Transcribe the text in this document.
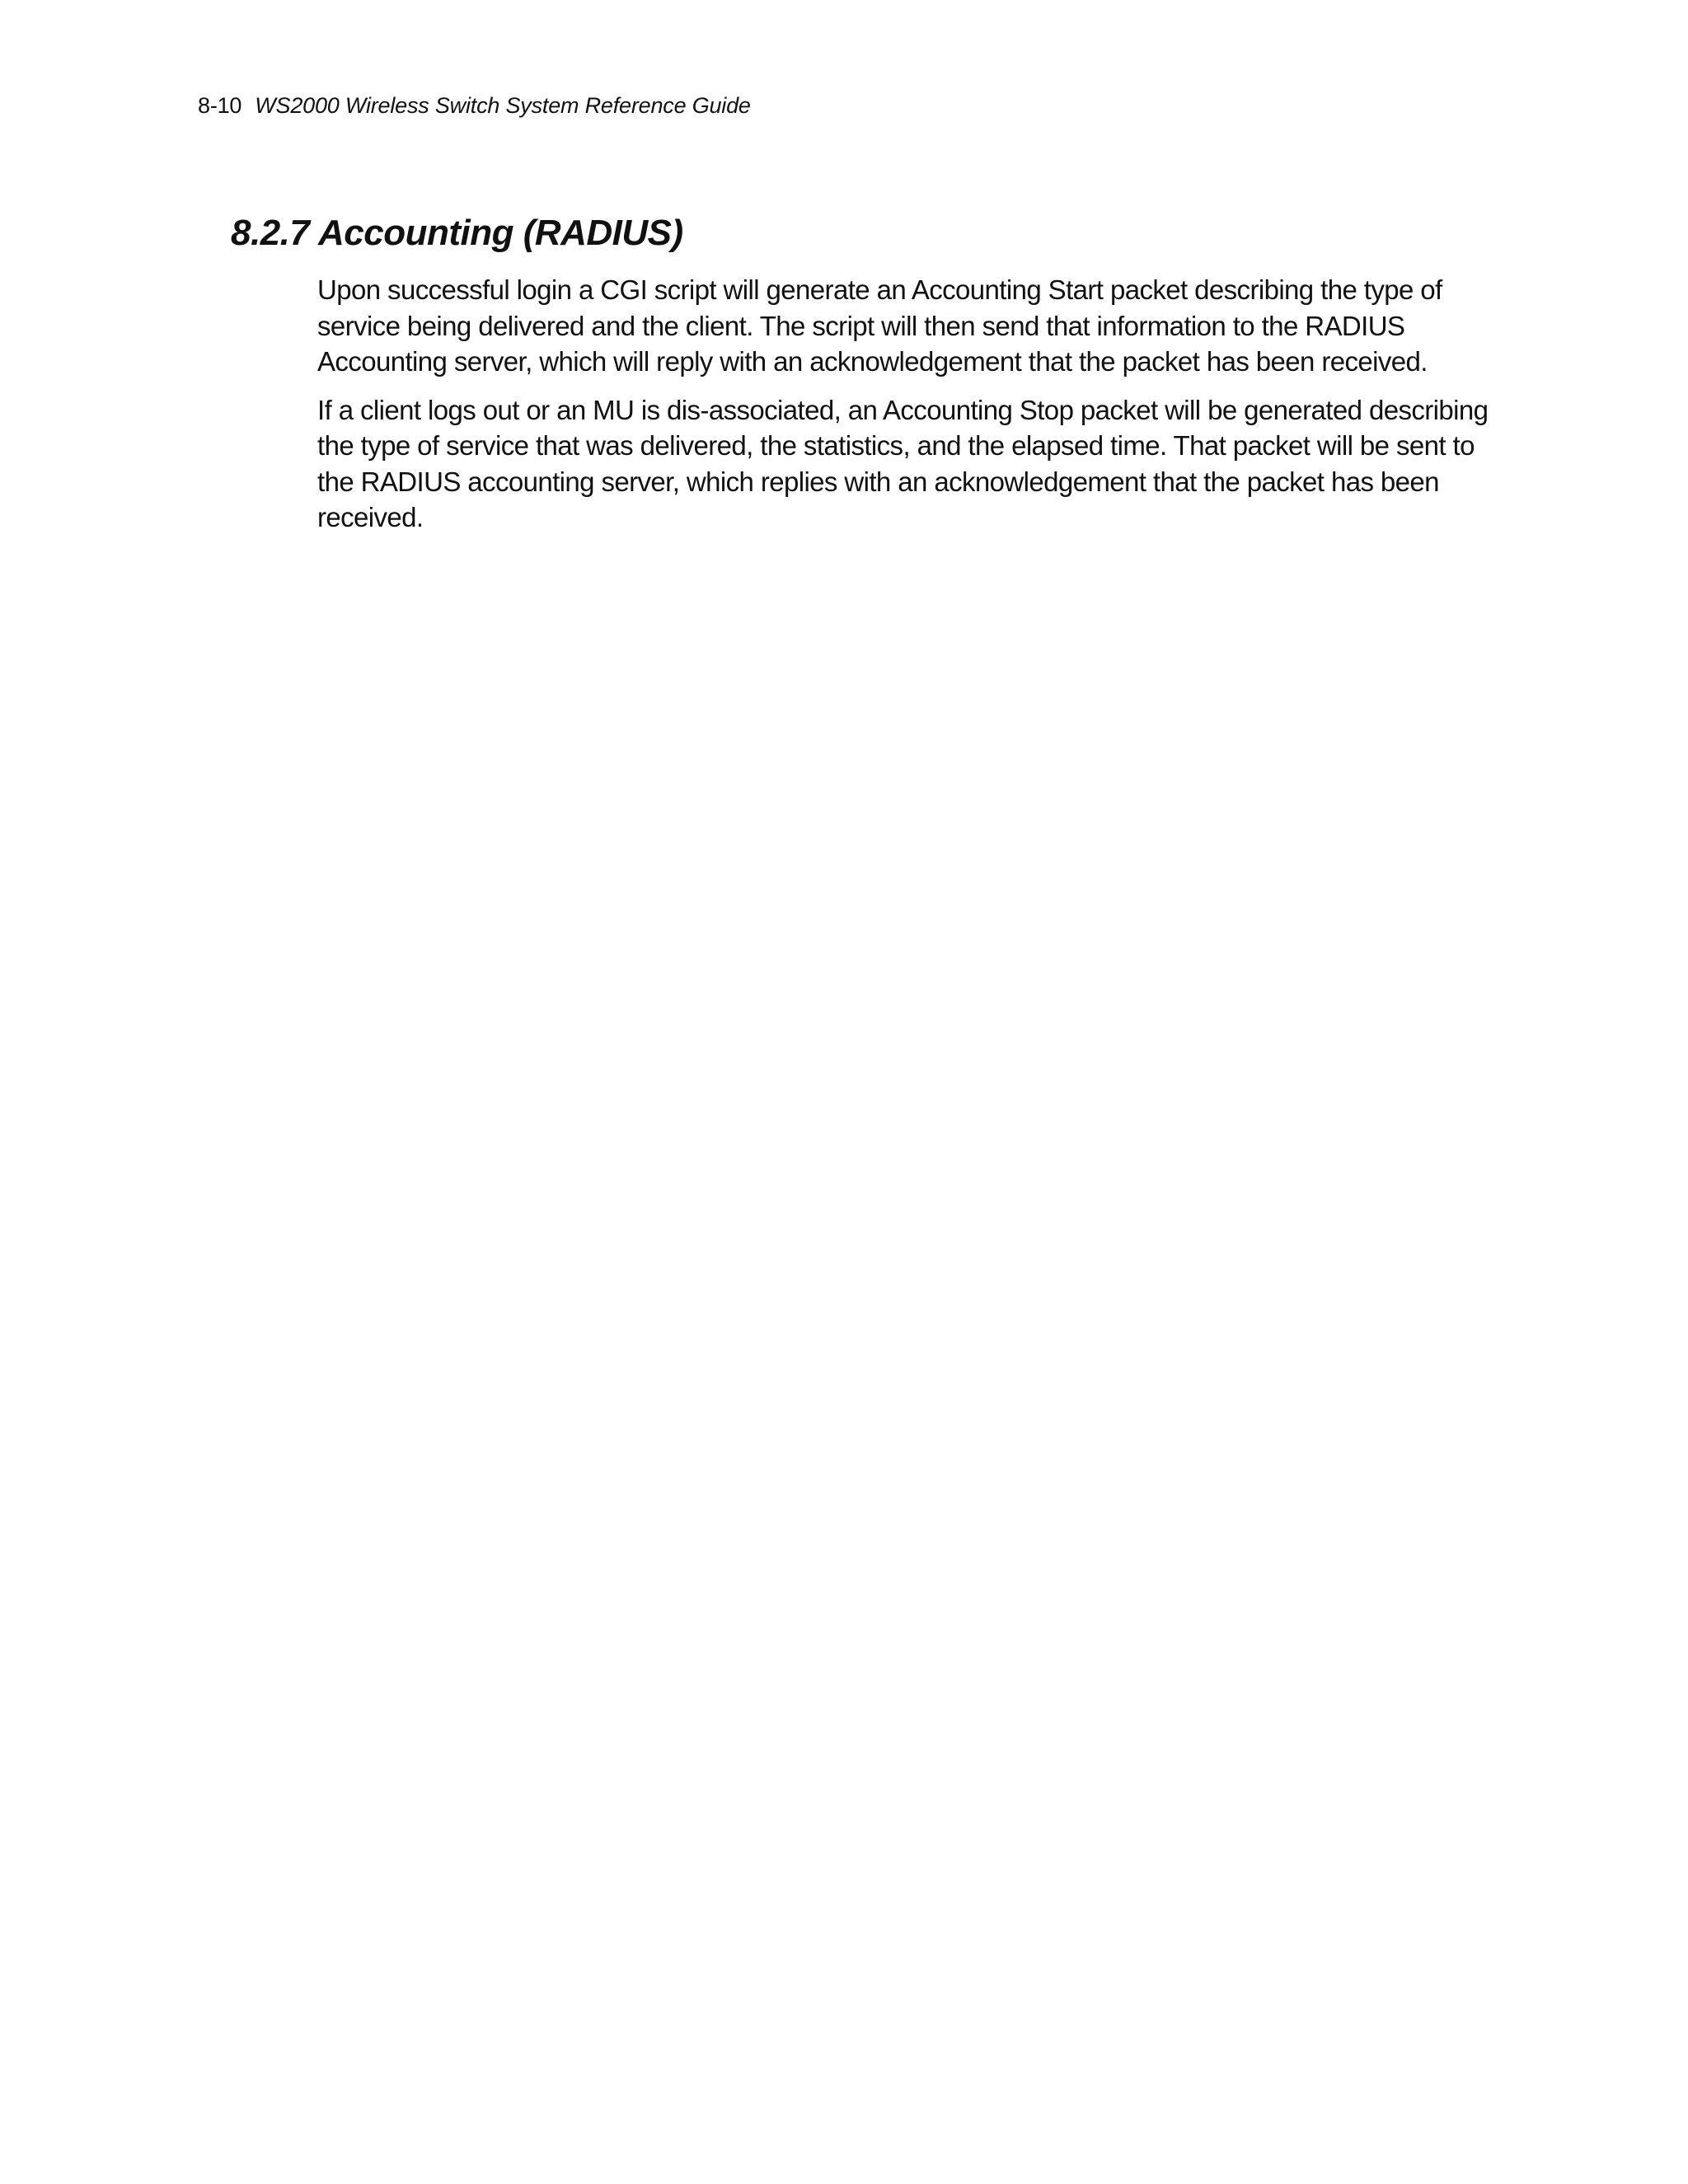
8-10 WS2000 Wireless Switch System Reference Guide
8.2.7 Accounting (RADIUS)

Upon successful login a CGI script will generate an Accounting Start packet describing the type of service being delivered and the client. The script will then send that information to the RADIUS Accounting server, which will reply with an acknowledgement that the packet has been received.

If a client logs out or an MU is dis-associated, an Accounting Stop packet will be generated describing the type of service that was delivered, the statistics, and the elapsed time. That packet will be sent to the RADIUS accounting server, which replies with an acknowledgement that the packet has been received.
